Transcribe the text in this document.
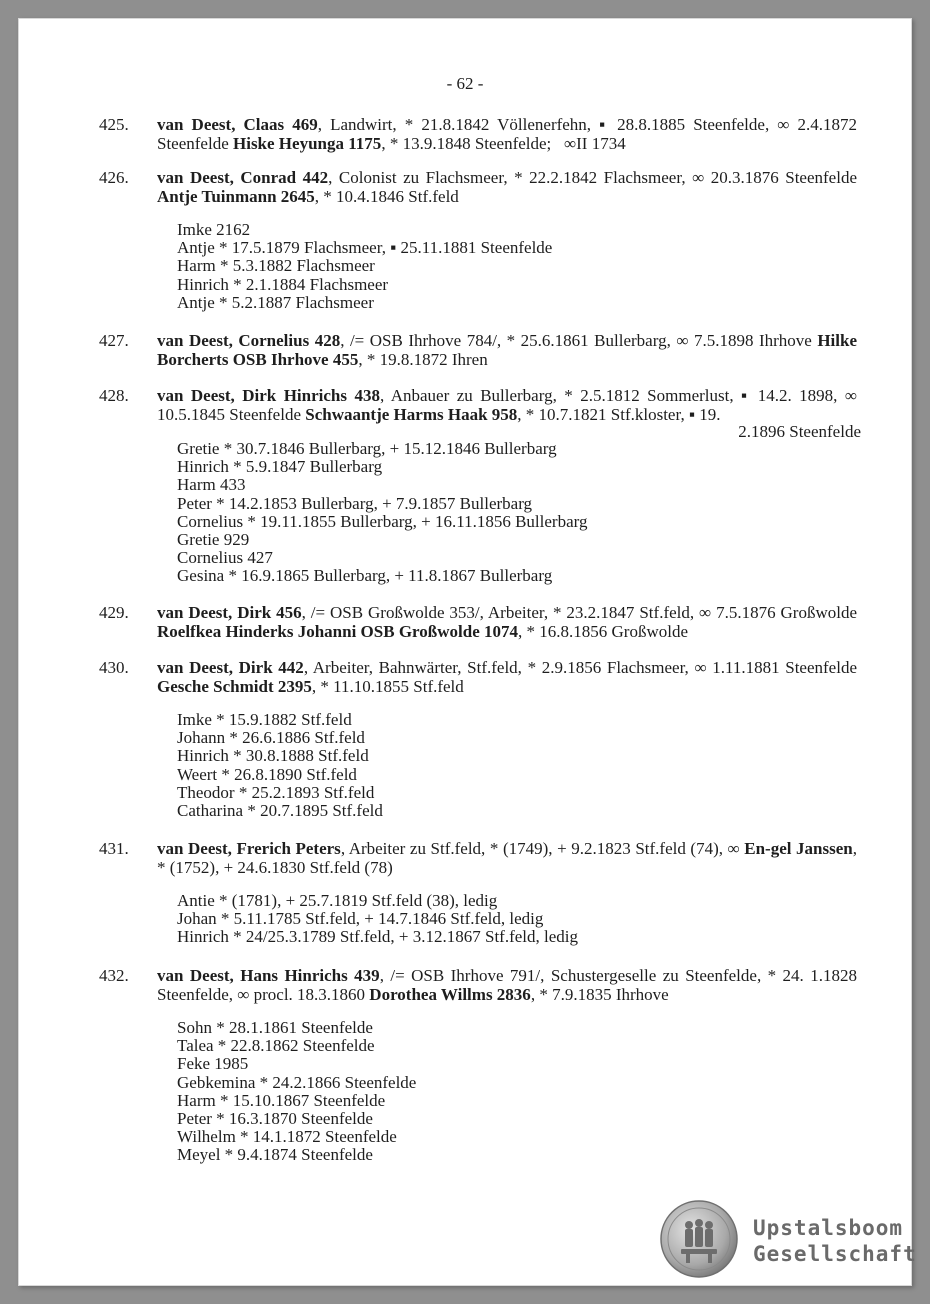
- 62 -
425. van Deest, Claas 469, Landwirt, * 21.8.1842 Völlenerfehn, ▪ 28.8.1885 Steenfelde, ∞ 2.4.1872 Steenfelde Hiske Heyunga 1175, * 13.9.1848 Steenfelde;   ∞II 1734
426. van Deest, Conrad 442, Colonist zu Flachsmeer, * 22.2.1842 Flachsmeer, ∞ 20.3.1876 Steenfelde Antje Tuinmann 2645, * 10.4.1846 Stf.feld
Imke 2162
Antje * 17.5.1879 Flachsmeer, ▪ 25.11.1881 Steenfelde
Harm * 5.3.1882 Flachsmeer
Hinrich * 2.1.1884 Flachsmeer
Antje * 5.2.1887 Flachsmeer
427. van Deest, Cornelius 428, /= OSB Ihrhove 784/, * 25.6.1861 Bullerbarg, ∞ 7.5.1898 Ihrhove Hilke Borcherts OSB Ihrhove 455, * 19.8.1872 Ihren
428. van Deest, Dirk Hinrichs 438, Anbauer zu Bullerbarg, * 2.5.1812 Sommerlust, ▪ 14.2. 1898, ∞ 10.5.1845 Steenfelde Schwaantje Harms Haak 958, * 10.7.1821 Stf.kloster, ▪ 19.
2.1896 Steenfelde
Gretie * 30.7.1846 Bullerbarg, + 15.12.1846 Bullerbarg
Hinrich * 5.9.1847 Bullerbarg
Harm 433
Peter * 14.2.1853 Bullerbarg, + 7.9.1857 Bullerbarg
Cornelius * 19.11.1855 Bullerbarg, + 16.11.1856 Bullerbarg
Gretie 929
Cornelius 427
Gesina * 16.9.1865 Bullerbarg, + 11.8.1867 Bullerbarg
429. van Deest, Dirk 456, /= OSB Großwolde 353/, Arbeiter, * 23.2.1847 Stf.feld, ∞ 7.5.1876 Großwolde Roelfkea Hinderks Johanni OSB Großwolde 1074, * 16.8.1856 Großwolde
430. van Deest, Dirk 442, Arbeiter, Bahnwärter, Stf.feld, * 2.9.1856 Flachsmeer, ∞ 1.11.1881 Steenfelde Gesche Schmidt 2395, * 11.10.1855 Stf.feld
Imke * 15.9.1882 Stf.feld
Johann * 26.6.1886 Stf.feld
Hinrich * 30.8.1888 Stf.feld
Weert * 26.8.1890 Stf.feld
Theodor * 25.2.1893 Stf.feld
Catharina * 20.7.1895 Stf.feld
431. van Deest, Frerich Peters, Arbeiter zu Stf.feld, * (1749), + 9.2.1823 Stf.feld (74), ∞ En-gel Janssen, * (1752), + 24.6.1830 Stf.feld (78)
Antie * (1781), + 25.7.1819 Stf.feld (38), ledig
Johan * 5.11.1785 Stf.feld, + 14.7.1846 Stf.feld, ledig
Hinrich * 24/25.3.1789 Stf.feld, + 3.12.1867 Stf.feld, ledig
432. van Deest, Hans Hinrichs 439, /= OSB Ihrhove 791/, Schustergeselle zu Steenfelde, * 24. 1.1828 Steenfelde, ∞ procl. 18.3.1860 Dorothea Willms 2836, * 7.9.1835 Ihrhove
Sohn * 28.1.1861 Steenfelde
Talea * 22.8.1862 Steenfelde
Feke 1985
Gebkemina * 24.2.1866 Steenfelde
Harm * 15.10.1867 Steenfelde
Peter * 16.3.1870 Steenfelde
Wilhelm * 14.1.1872 Steenfelde
Meyel * 9.4.1874 Steenfelde
Upstalsboom
Gesellschaft
